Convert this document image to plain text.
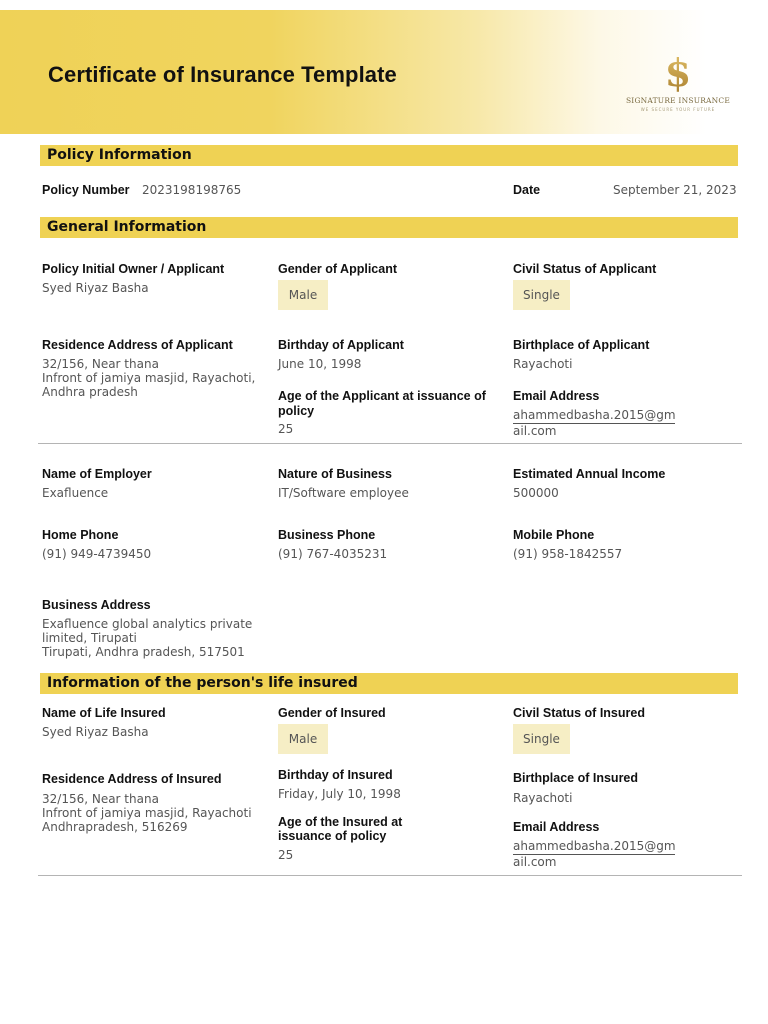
Certificate of Insurance Template	$
SIGNATURE INSURANCE
WE SECURE YOUR FUTURE
Policy Information
Policy Number 2023198198765	Date	September 21, 2023
General Information
Policy Initial Owner / Applicant
Syed Riyaz Basha
Gender of Applicant
Male
Civil Status of Applicant
Single
Residence Address of Applicant
32/156, Near thana
Infront of jamiya masjid, Rayachoti,
Andhra pradesh
Birthday of Applicant
June 10, 1998
Birthplace of Applicant
Rayachoti
Age of the Applicant at issuance of
policy
25
Email Address
ahammedbasha.2015@gm
ail.com
Name of Employer
Exafluence
Nature of Business
IT/Software employee
Estimated Annual Income
500000
Home Phone
(91) 949-4739450
Business Phone
(91) 767-4035231
Mobile Phone
(91) 958-1842557
Business Address
Exafluence global analytics private
limited, Tirupati
Tirupati, Andhra pradesh, 517501
Information of the person's life insured
Name of Life Insured
Syed Riyaz Basha
Gender of Insured
Male
Civil Status of Insured
Single
Residence Address of Insured
32/156, Near thana
Infront of jamiya masjid, Rayachoti
Andhrapradesh, 516269
Birthday of Insured
Friday, July 10, 1998
Birthplace of Insured
Rayachoti
Age of the Insured at
issuance of policy
25
Email Address
ahammedbasha.2015@gm
ail.com
